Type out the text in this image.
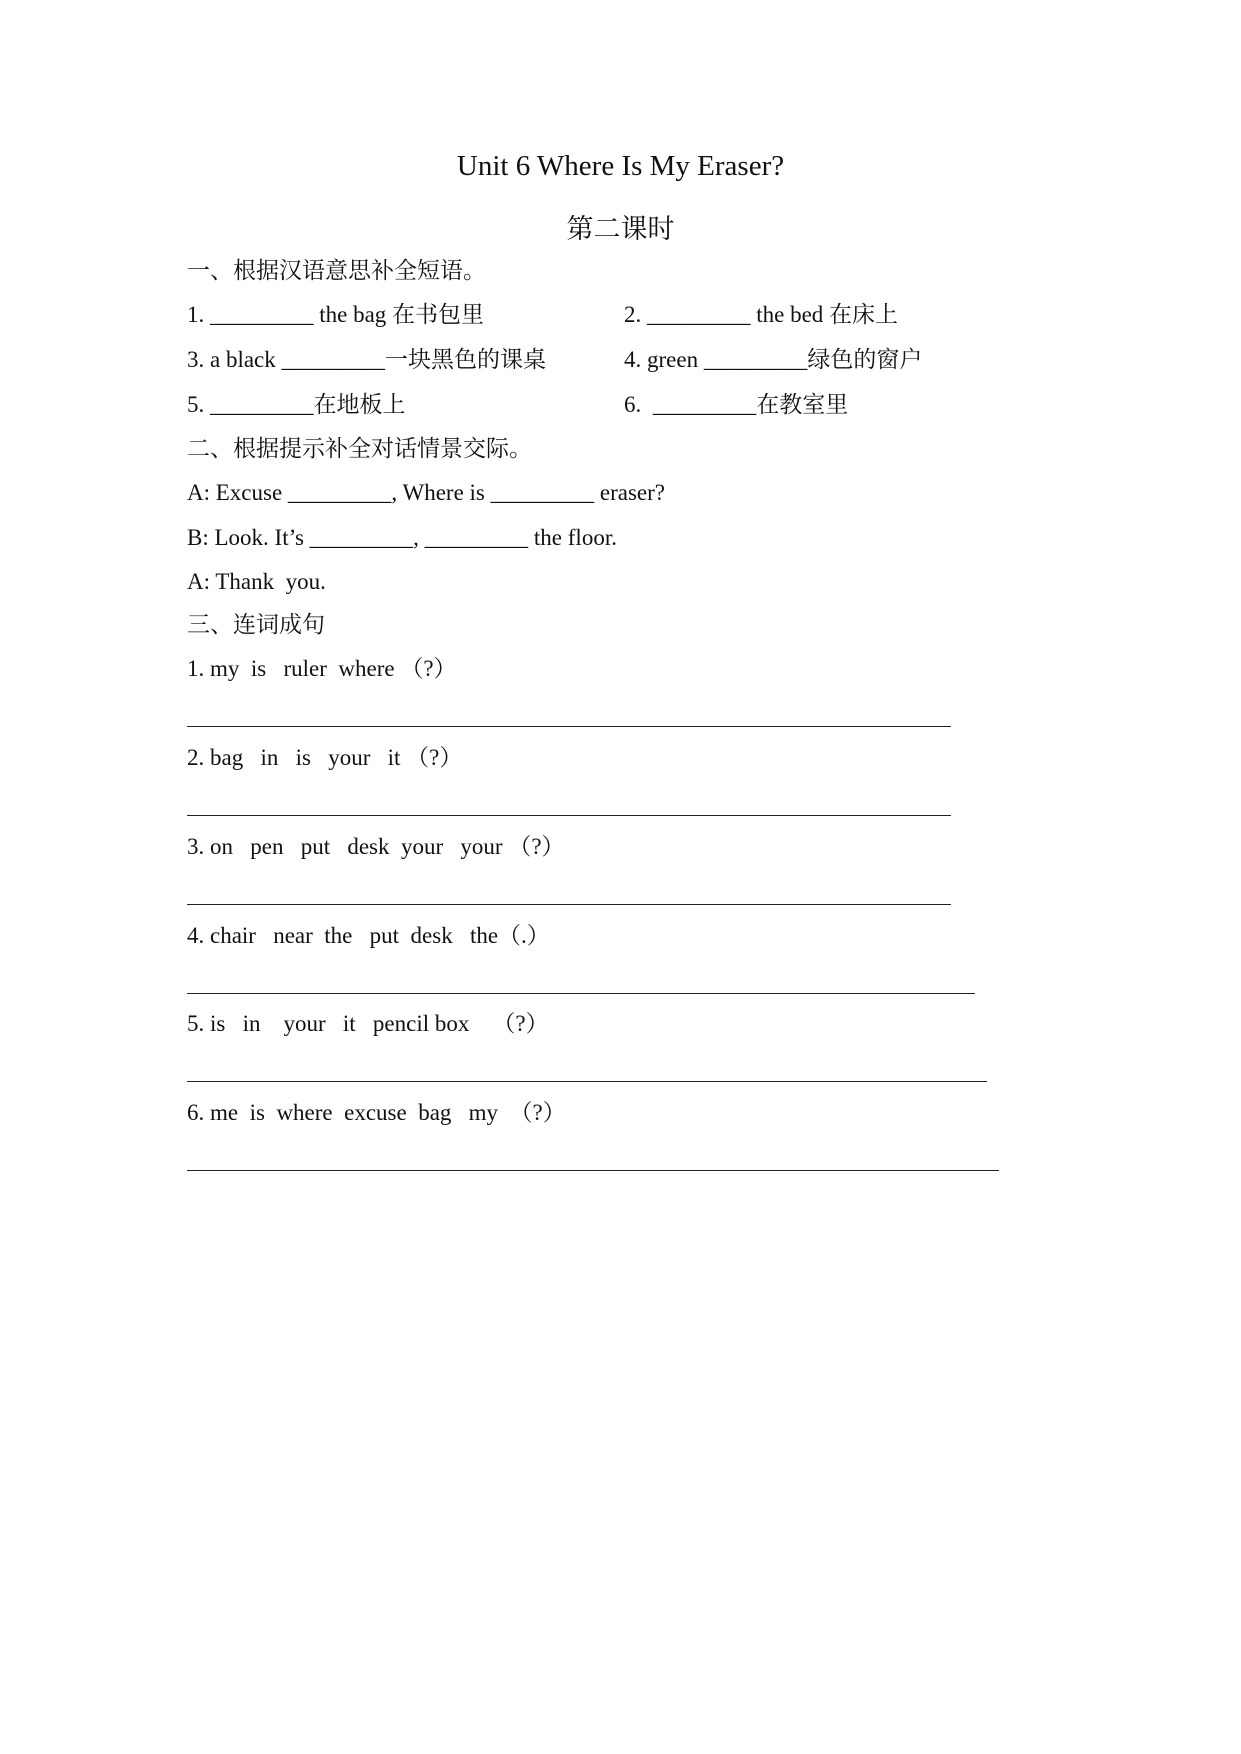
Unit 6 Where Is My Eraser?
第二课时
一、根据汉语意思补全短语。
1. _________ the bag 在书包里	2. _________ the bed 在床上
3. a black _________一块黑色的课桌	4. green _________绿色的窗户
5. _________在地板上	6.  _________在教室里
二、根据提示补全对话情景交际。
A: Excuse _________, Where is _________ eraser?
B: Look. It’s _________, _________ the floor.
A: Thank  you.
三、连词成句
1. my  is   ruler  where （?）
2. bag   in   is   your   it （?）
3. on   pen   put   desk  your   your （?）
4. chair   near  the   put  desk   the（.）
5. is   in    your   it   pencil box    （?）
6. me  is  where  excuse  bag   my  （?）
